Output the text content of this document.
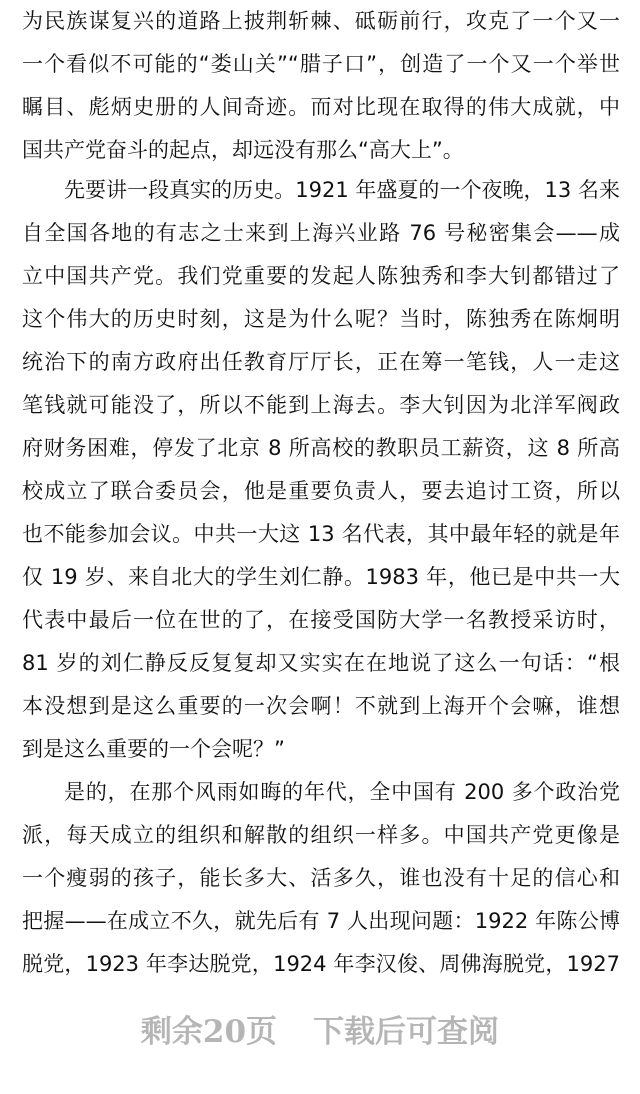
为民族谋复兴的道路上披荆斩棘、砥砺前行，攻克了一个又一
一个看似不可能的“娄山关”“腊子口”，创造了一个又一个举世
瞩目、彪炳史册的人间奇迹。而对比现在取得的伟大成就，中
国共产党奋斗的起点，却远没有那么“高大上”。
先要讲一段真实的历史。1921 年盛夏的一个夜晚，13 名来
自全国各地的有志之士来到上海兴业路 76 号秘密集会——成
立中国共产党。我们党重要的发起人陈独秀和李大钊都错过了
这个伟大的历史时刻，这是为什么呢？当时，陈独秀在陈炯明
统治下的南方政府出任教育厅厅长，正在筹一笔钱，人一走这
笔钱就可能没了，所以不能到上海去。李大钊因为北洋军阀政
府财务困难，停发了北京 8 所高校的教职员工薪资，这 8 所高
校成立了联合委员会，他是重要负责人，要去追讨工资，所以
也不能参加会议。中共一大这 13 名代表，其中最年轻的就是年
仅 19 岁、来自北大的学生刘仁静。1983 年，他已是中共一大
代表中最后一位在世的了，在接受国防大学一名教授采访时，
81 岁的刘仁静反反复复却又实实在在地说了这么一句话：“根
本没想到是这么重要的一次会啊！不就到上海开个会嘛，谁想
到是这么重要的一个会呢？”
是的，在那个风雨如晦的年代，全中国有 200 多个政治党
派，每天成立的组织和解散的组织一样多。中国共产党更像是
一个瘦弱的孩子，能长多大、活多久，谁也没有十足的信心和
把握——在成立不久，就先后有 7 人出现问题：1922 年陈公博
脱党，1923 年李达脱党，1924 年李汉俊、周佛海脱党，1927
剩余20页 下载后可查阅
